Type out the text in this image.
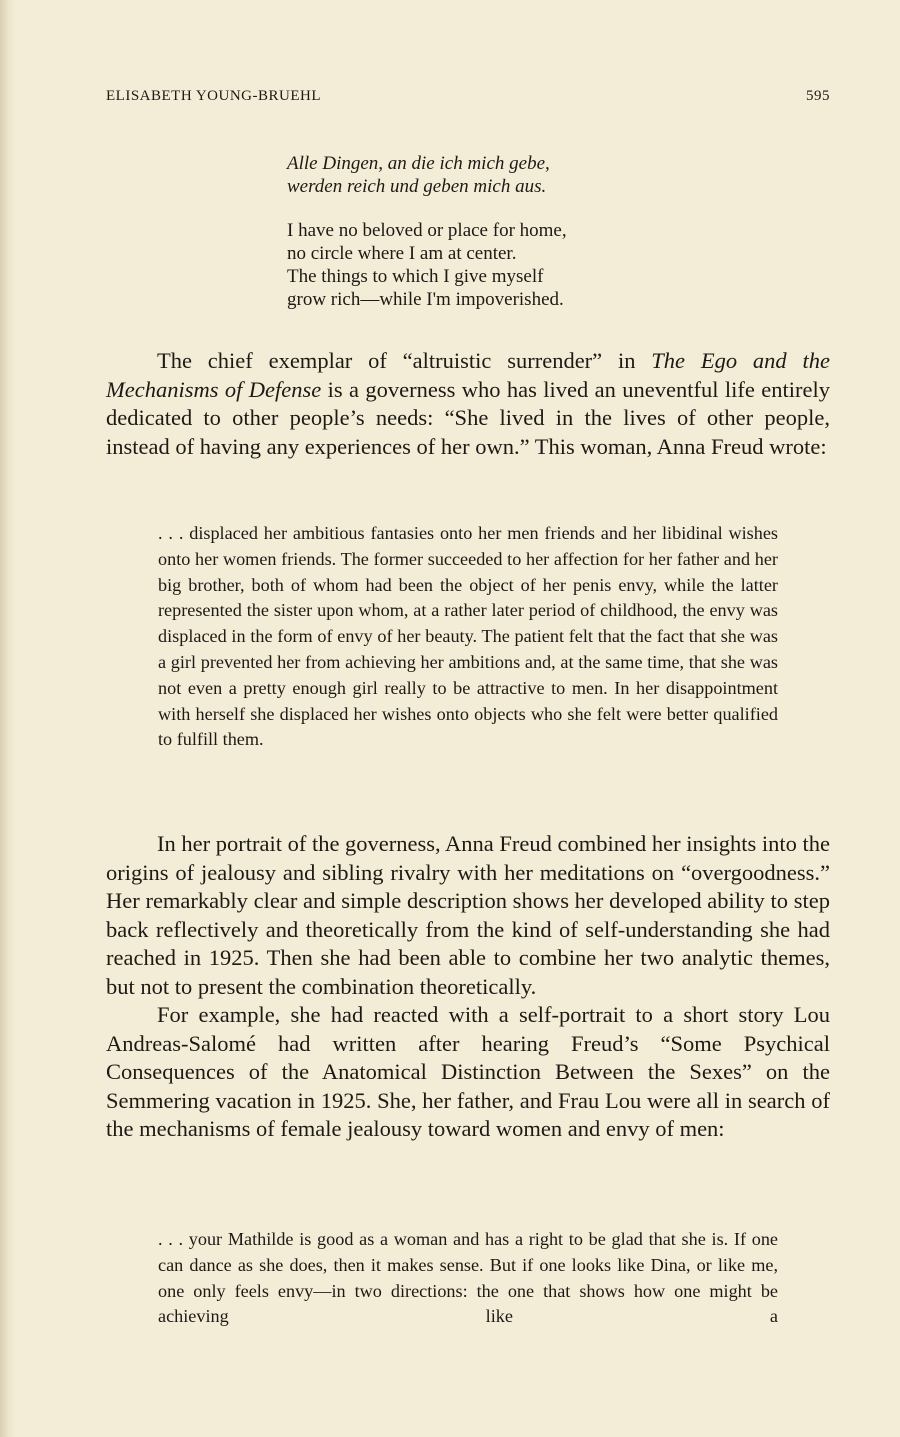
ELISABETH YOUNG-BRUEHL	595
Alle Dingen, an die ich mich gebe,
werden reich und geben mich aus.
I have no beloved or place for home,
no circle where I am at center.
The things to which I give myself
grow rich—while I'm impoverished.

The chief exemplar of “altruistic surrender” in The Ego and the Mechanisms of Defense is a governess who has lived an uneventful life entirely dedicated to other people’s needs: “She lived in the lives of other people, instead of having any experiences of her own.” This woman, Anna Freud wrote:

. . . displaced her ambitious fantasies onto her men friends and her libidinal wishes onto her women friends. The former succeeded to her affection for her father and her big brother, both of whom had been the object of her penis envy, while the latter represented the sister upon whom, at a rather later period of childhood, the envy was displaced in the form of envy of her beauty. The patient felt that the fact that she was a girl prevented her from achieving her ambitions and, at the same time, that she was not even a pretty enough girl really to be attractive to men. In her disappointment with herself she displaced her wishes onto objects who she felt were better qualified to fulfill them.

In her portrait of the governess, Anna Freud combined her insights into the origins of jealousy and sibling rivalry with her meditations on “overgoodness.” Her remarkably clear and simple description shows her developed ability to step back reflectively and theoretically from the kind of self-understanding she had reached in 1925. Then she had been able to combine her two analytic themes, but not to present the combination theoretically.

For example, she had reacted with a self-portrait to a short story Lou Andreas-Salomé had written after hearing Freud’s “Some Psychical Consequences of the Anatomical Distinction Between the Sexes” on the Semmering vacation in 1925. She, her father, and Frau Lou were all in search of the mechanisms of female jealousy toward women and envy of men:

. . . your Mathilde is good as a woman and has a right to be glad that she is. If one can dance as she does, then it makes sense. But if one looks like Dina, or like me, one only feels envy—in two directions: the one that shows how one might be achieving like a
